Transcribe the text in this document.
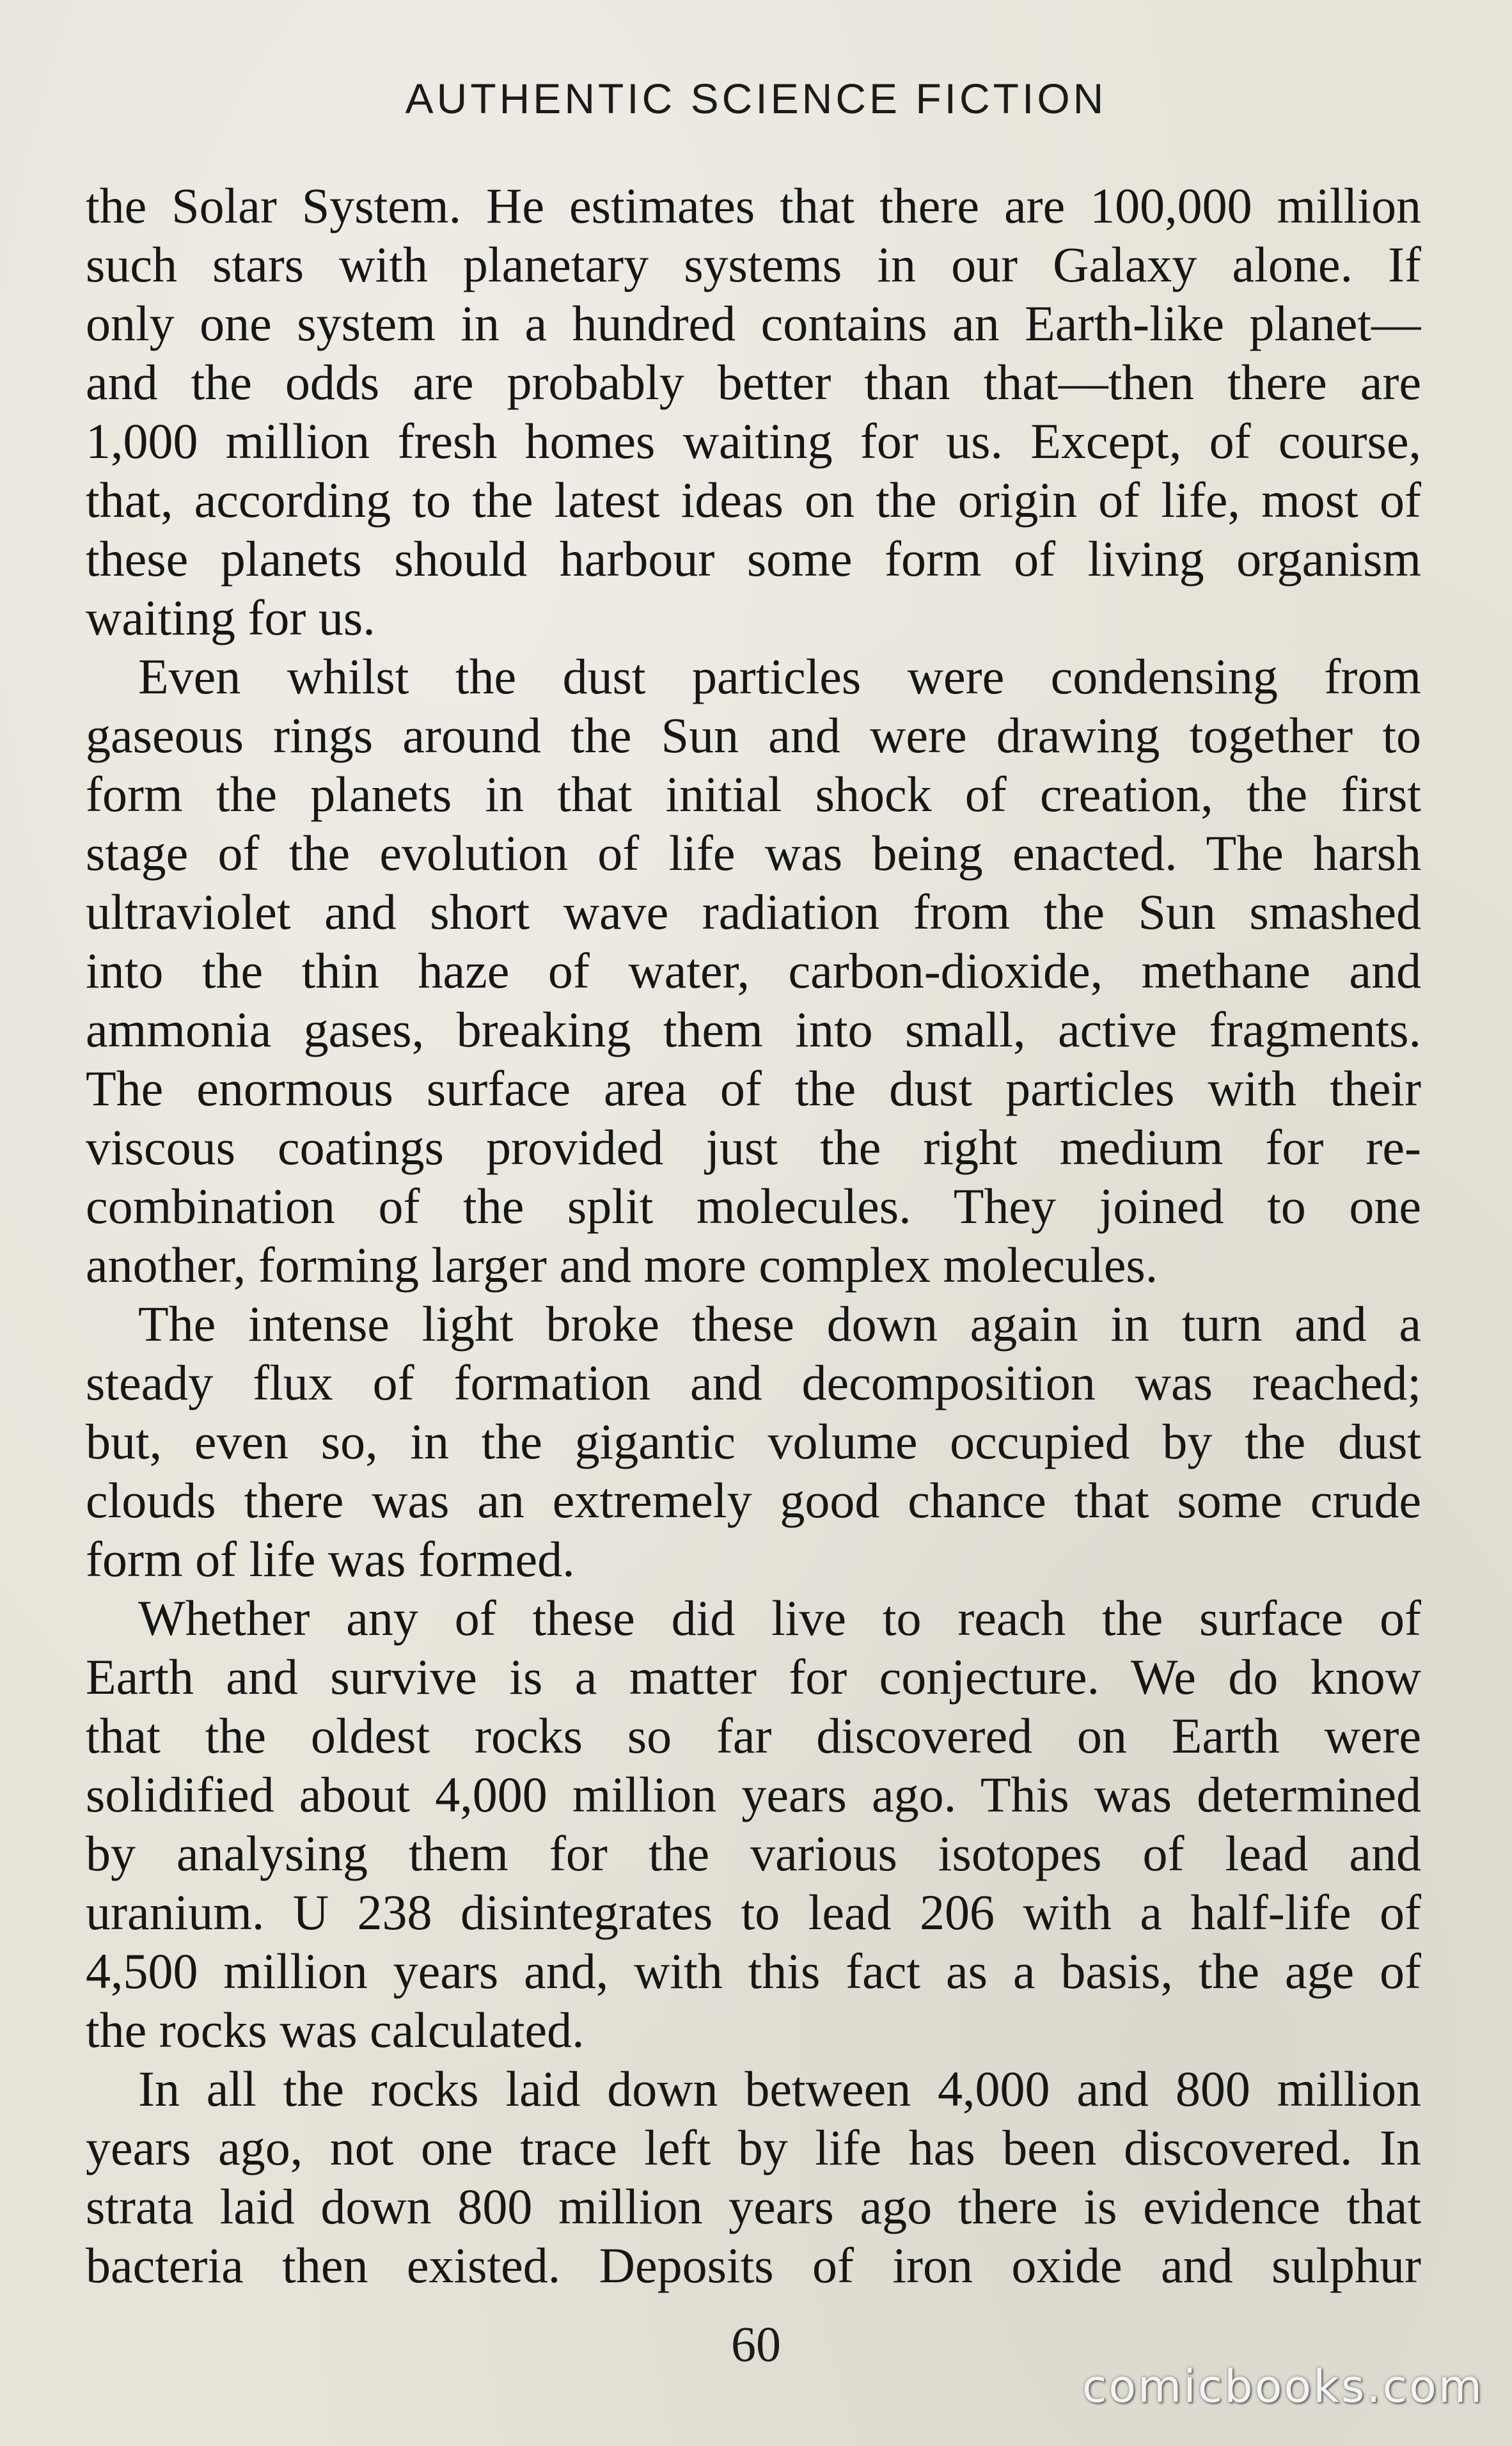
AUTHENTIC SCIENCE FICTION
the Solar System. He estimates that there are 100,000 million
such stars with planetary systems in our Galaxy alone. If
only one system in a hundred contains an Earth-like planet—
and the odds are probably better than that—then there are
1,000 million fresh homes waiting for us. Except, of course,
that, according to the latest ideas on the origin of life, most of
these planets should harbour some form of living organism
waiting for us.
Even whilst the dust particles were condensing from
gaseous rings around the Sun and were drawing together to
form the planets in that initial shock of creation, the first
stage of the evolution of life was being enacted. The harsh
ultraviolet and short wave radiation from the Sun smashed
into the thin haze of water, carbon-dioxide, methane and
ammonia gases, breaking them into small, active fragments.
The enormous surface area of the dust particles with their
viscous coatings provided just the right medium for re-
combination of the split molecules. They joined to one
another, forming larger and more complex molecules.
The intense light broke these down again in turn and a
steady flux of formation and decomposition was reached;
but, even so, in the gigantic volume occupied by the dust
clouds there was an extremely good chance that some crude
form of life was formed.
Whether any of these did live to reach the surface of
Earth and survive is a matter for conjecture. We do know
that the oldest rocks so far discovered on Earth were
solidified about 4,000 million years ago. This was determined
by analysing them for the various isotopes of lead and
uranium. U 238 disintegrates to lead 206 with a half-life of
4,500 million years and, with this fact as a basis, the age of
the rocks was calculated.
In all the rocks laid down between 4,000 and 800 million
years ago, not one trace left by life has been discovered. In
strata laid down 800 million years ago there is evidence that
bacteria then existed. Deposits of iron oxide and sulphur
60
comicbooks.com
